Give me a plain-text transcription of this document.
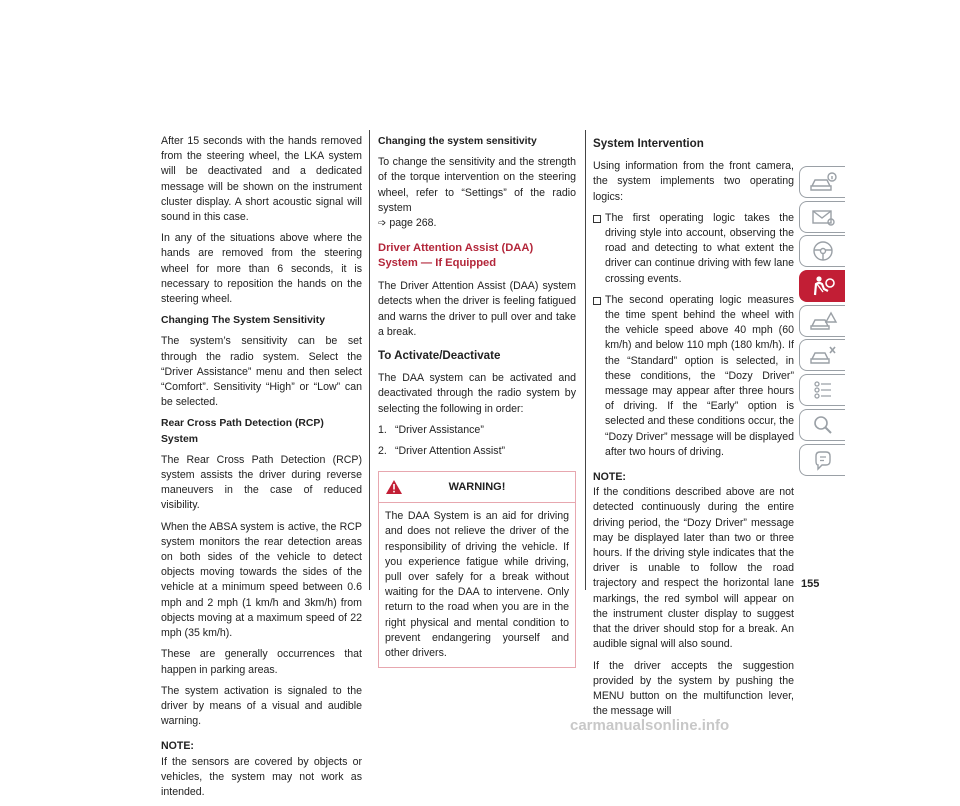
After 15 seconds with the hands removed from the steering wheel, the LKA system will be deactivated and a dedicated message will be shown on the instrument cluster display. A short acoustic signal will sound in this case.

In any of the situations above where the hands are removed from the steering wheel for more than 6 seconds, it is necessary to reposition the hands on the steering wheel.

Changing The System Sensitivity

The system’s sensitivity can be set through the radio system. Select the “Driver Assistance” menu and then select “Comfort”. Sensitivity “High” or “Low” can be selected.

Rear Cross Path Detection (RCP) System

The Rear Cross Path Detection (RCP) system assists the driver during reverse maneuvers in the case of reduced visibility.

When the ABSA system is active, the RCP system monitors the rear detection areas on both sides of the vehicle to detect objects moving towards the sides of the vehicle at a minimum speed between 0.6 mph and 2 mph (1 km/h and 3km/h) from objects moving at a maximum speed of 22 mph (35 km/h).

These are generally occurrences that happen in parking areas.

The system activation is signaled to the driver by means of a visual and audible warning.

NOTE:

If the sensors are covered by objects or vehicles, the system may not work as intended.

Changing the system sensitivity

To change the sensitivity and the strength of the torque intervention on the steering wheel, refer to “Settings” of the radio system
➩ page 268.

Driver Attention Assist (DAA) System — If Equipped

The Driver Attention Assist (DAA) system detects when the driver is feeling fatigued and warns the driver to pull over and take a break.

To Activate/Deactivate

The DAA system can be activated and deactivated through the radio system by selecting the following in order:

1. “Driver Assistance”
2. “Driver Attention Assist”
WARNING!
The DAA System is an aid for driving and does not relieve the driver of the responsibility of driving the vehicle. If you experience fatigue while driving, pull over safely for a break without waiting for the DAA to intervene. Only return to the road when you are in the right physical and mental condition to prevent endangering yourself and other drivers.
System Intervention

Using information from the front camera, the system implements two operating logics:

The first operating logic takes the driving style into account, observing the road and detecting to what extent the driver can continue driving with few lane crossing events.
The second operating logic measures the time spent behind the wheel with the vehicle speed above 40 mph (60 km/h) and below 110 mph (180 km/h). If the “Standard” option is selected, in these conditions, the “Dozy Driver” message may appear after three hours of driving. If the “Early” option is selected and these conditions occur, the “Dozy Driver” message will be displayed after two hours of driving.
NOTE:

If the conditions described above are not detected continuously during the entire driving period, the “Dozy Driver” message may be displayed later than two or three hours. If the driving style indicates that the driver is unable to follow the road trajectory and respect the horizontal lane markings, the red symbol will appear on the instrument cluster display to suggest that the driver should stop for a break. An audible signal will also sound.

If the driver accepts the suggestion provided by the system by pushing the MENU button on the multifunction lever, the message will

155
carmanualsonline.info
